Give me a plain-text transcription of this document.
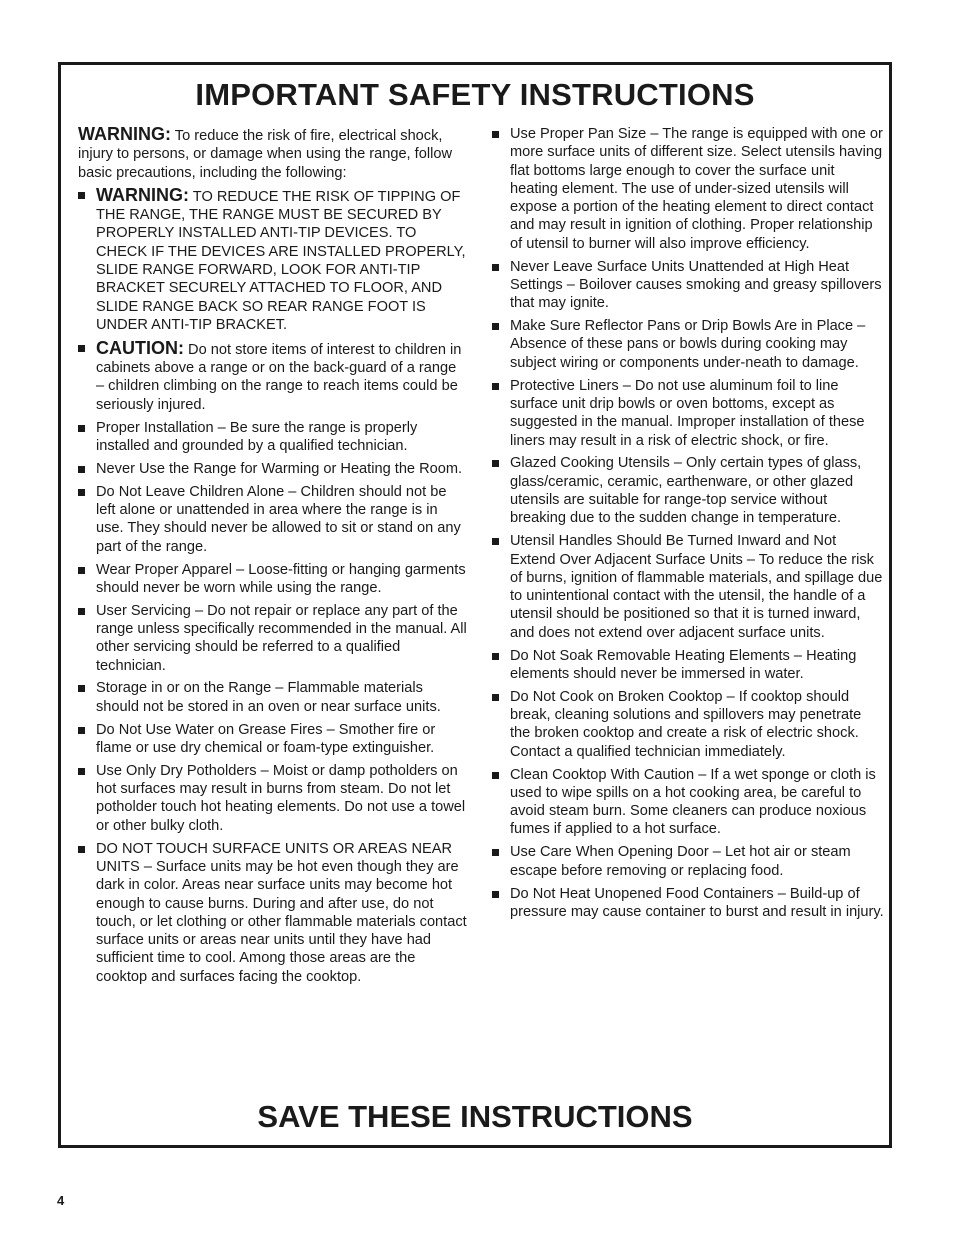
IMPORTANT SAFETY INSTRUCTIONS

WARNING: To reduce the risk of fire, electrical shock, injury to persons, or damage when using the range, follow basic precautions, including the following:

WARNING: TO REDUCE THE RISK OF TIPPING OF THE RANGE, THE RANGE MUST BE SECURED BY PROPERLY INSTALLED ANTI-TIP DEVICES. TO CHECK IF THE DEVICES ARE INSTALLED PROPERLY, SLIDE RANGE FORWARD, LOOK FOR ANTI-TIP BRACKET SECURELY ATTACHED TO FLOOR, AND SLIDE RANGE BACK SO REAR RANGE FOOT IS UNDER ANTI-TIP BRACKET.
CAUTION: Do not store items of interest to children in cabinets above a range or on the back-guard of a range – children climbing on the range to reach items could be seriously injured.
Proper Installation – Be sure the range is properly installed and grounded by a qualified technician.
Never Use the Range for Warming or Heating the Room.
Do Not Leave Children Alone – Children should not be left alone or unattended in area where the range is in use. They should never be allowed to sit or stand on any part of the range.
Wear Proper Apparel – Loose-fitting or hanging garments should never be worn while using the range.
User Servicing – Do not repair or replace any part of the range unless specifically recommended in the manual. All other servicing should be referred to a qualified technician.
Storage in or on the Range – Flammable materials should not be stored in an oven or near surface units.
Do Not Use Water on Grease Fires – Smother fire or flame or use dry chemical or foam-type extinguisher.
Use Only Dry Potholders – Moist or damp potholders on hot surfaces may result in burns from steam. Do not let potholder touch hot heating elements. Do not use a towel or other bulky cloth.
DO NOT TOUCH SURFACE UNITS OR AREAS NEAR UNITS – Surface units may be hot even though they are dark in color. Areas near surface units may become hot enough to cause burns. During and after use, do not touch, or let clothing or other flammable materials contact surface units or areas near units until they have had sufficient time to cool. Among those areas are the cooktop and surfaces facing the cooktop.
Use Proper Pan Size – The range is equipped with one or more surface units of different size. Select utensils having flat bottoms large enough to cover the surface unit heating element. The use of under-sized utensils will expose a portion of the heating element to direct contact and may result in ignition of clothing. Proper relationship of utensil to burner will also improve efficiency.
Never Leave Surface Units Unattended at High Heat Settings – Boilover causes smoking and greasy spillovers that may ignite.
Make Sure Reflector Pans or Drip Bowls Are in Place – Absence of these pans or bowls during cooking may subject wiring or components under-neath to damage.
Protective Liners – Do not use aluminum foil to line surface unit drip bowls or oven bottoms, except as suggested in the manual. Improper installation of these liners may result in a risk of electric shock, or fire.
Glazed Cooking Utensils – Only certain types of glass, glass/ceramic, ceramic, earthenware, or other glazed utensils are suitable for range-top service without breaking due to the sudden change in temperature.
Utensil Handles Should Be Turned Inward and Not Extend Over Adjacent Surface Units – To reduce the risk of burns, ignition of flammable materials, and spillage due to unintentional contact with the utensil, the handle of a utensil should be positioned so that it is turned inward, and does not extend over adjacent surface units.
Do Not Soak Removable Heating Elements – Heating elements should never be immersed in water.
Do Not Cook on Broken Cooktop – If cooktop should break, cleaning solutions and spillovers may penetrate the broken cooktop and create a risk of electric shock. Contact a qualified technician immediately.
Clean Cooktop With Caution – If a wet sponge or cloth is used to wipe spills on a hot cooking area, be careful to avoid steam burn. Some cleaners can produce noxious fumes if applied to a hot surface.
Use Care When Opening Door – Let hot air or steam escape before removing or replacing food.
Do Not Heat Unopened Food Containers – Build-up of pressure may cause container to burst and result in injury.
SAVE THESE INSTRUCTIONS
4
